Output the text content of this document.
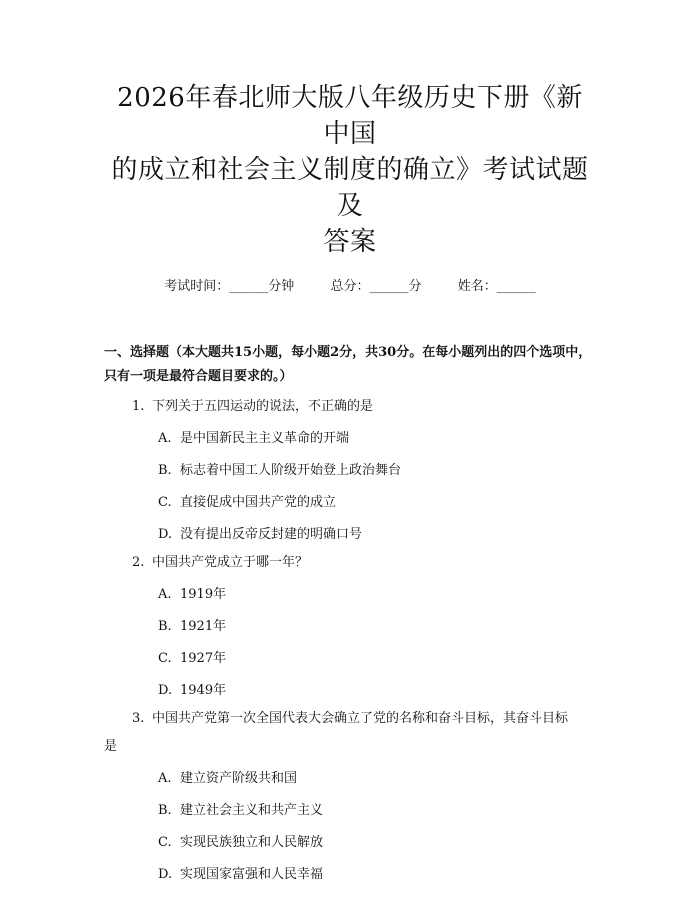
2026年春北师大版八年级历史下册《新中国
的成立和社会主义制度的确立》考试试题及
答案
考试时间：______分钟	总分：______分	姓名：______
一、选择题（本大题共15小题，每小题2分，共30分。在每小题列出的四个选项中，只有一项是最符合题目要求的。）
1. 下列关于五四运动的说法，不正确的是
A. 是中国新民主主义革命的开端
B. 标志着中国工人阶级开始登上政治舞台
C. 直接促成中国共产党的成立
D. 没有提出反帝反封建的明确口号
2. 中国共产党成立于哪一年？
A. 1919年
B. 1921年
C. 1927年
D. 1949年
3. 中国共产党第一次全国代表大会确立了党的名称和奋斗目标，其奋斗目标
是
A. 建立资产阶级共和国
B. 建立社会主义和共产主义
C. 实现民族独立和人民解放
D. 实现国家富强和人民幸福
